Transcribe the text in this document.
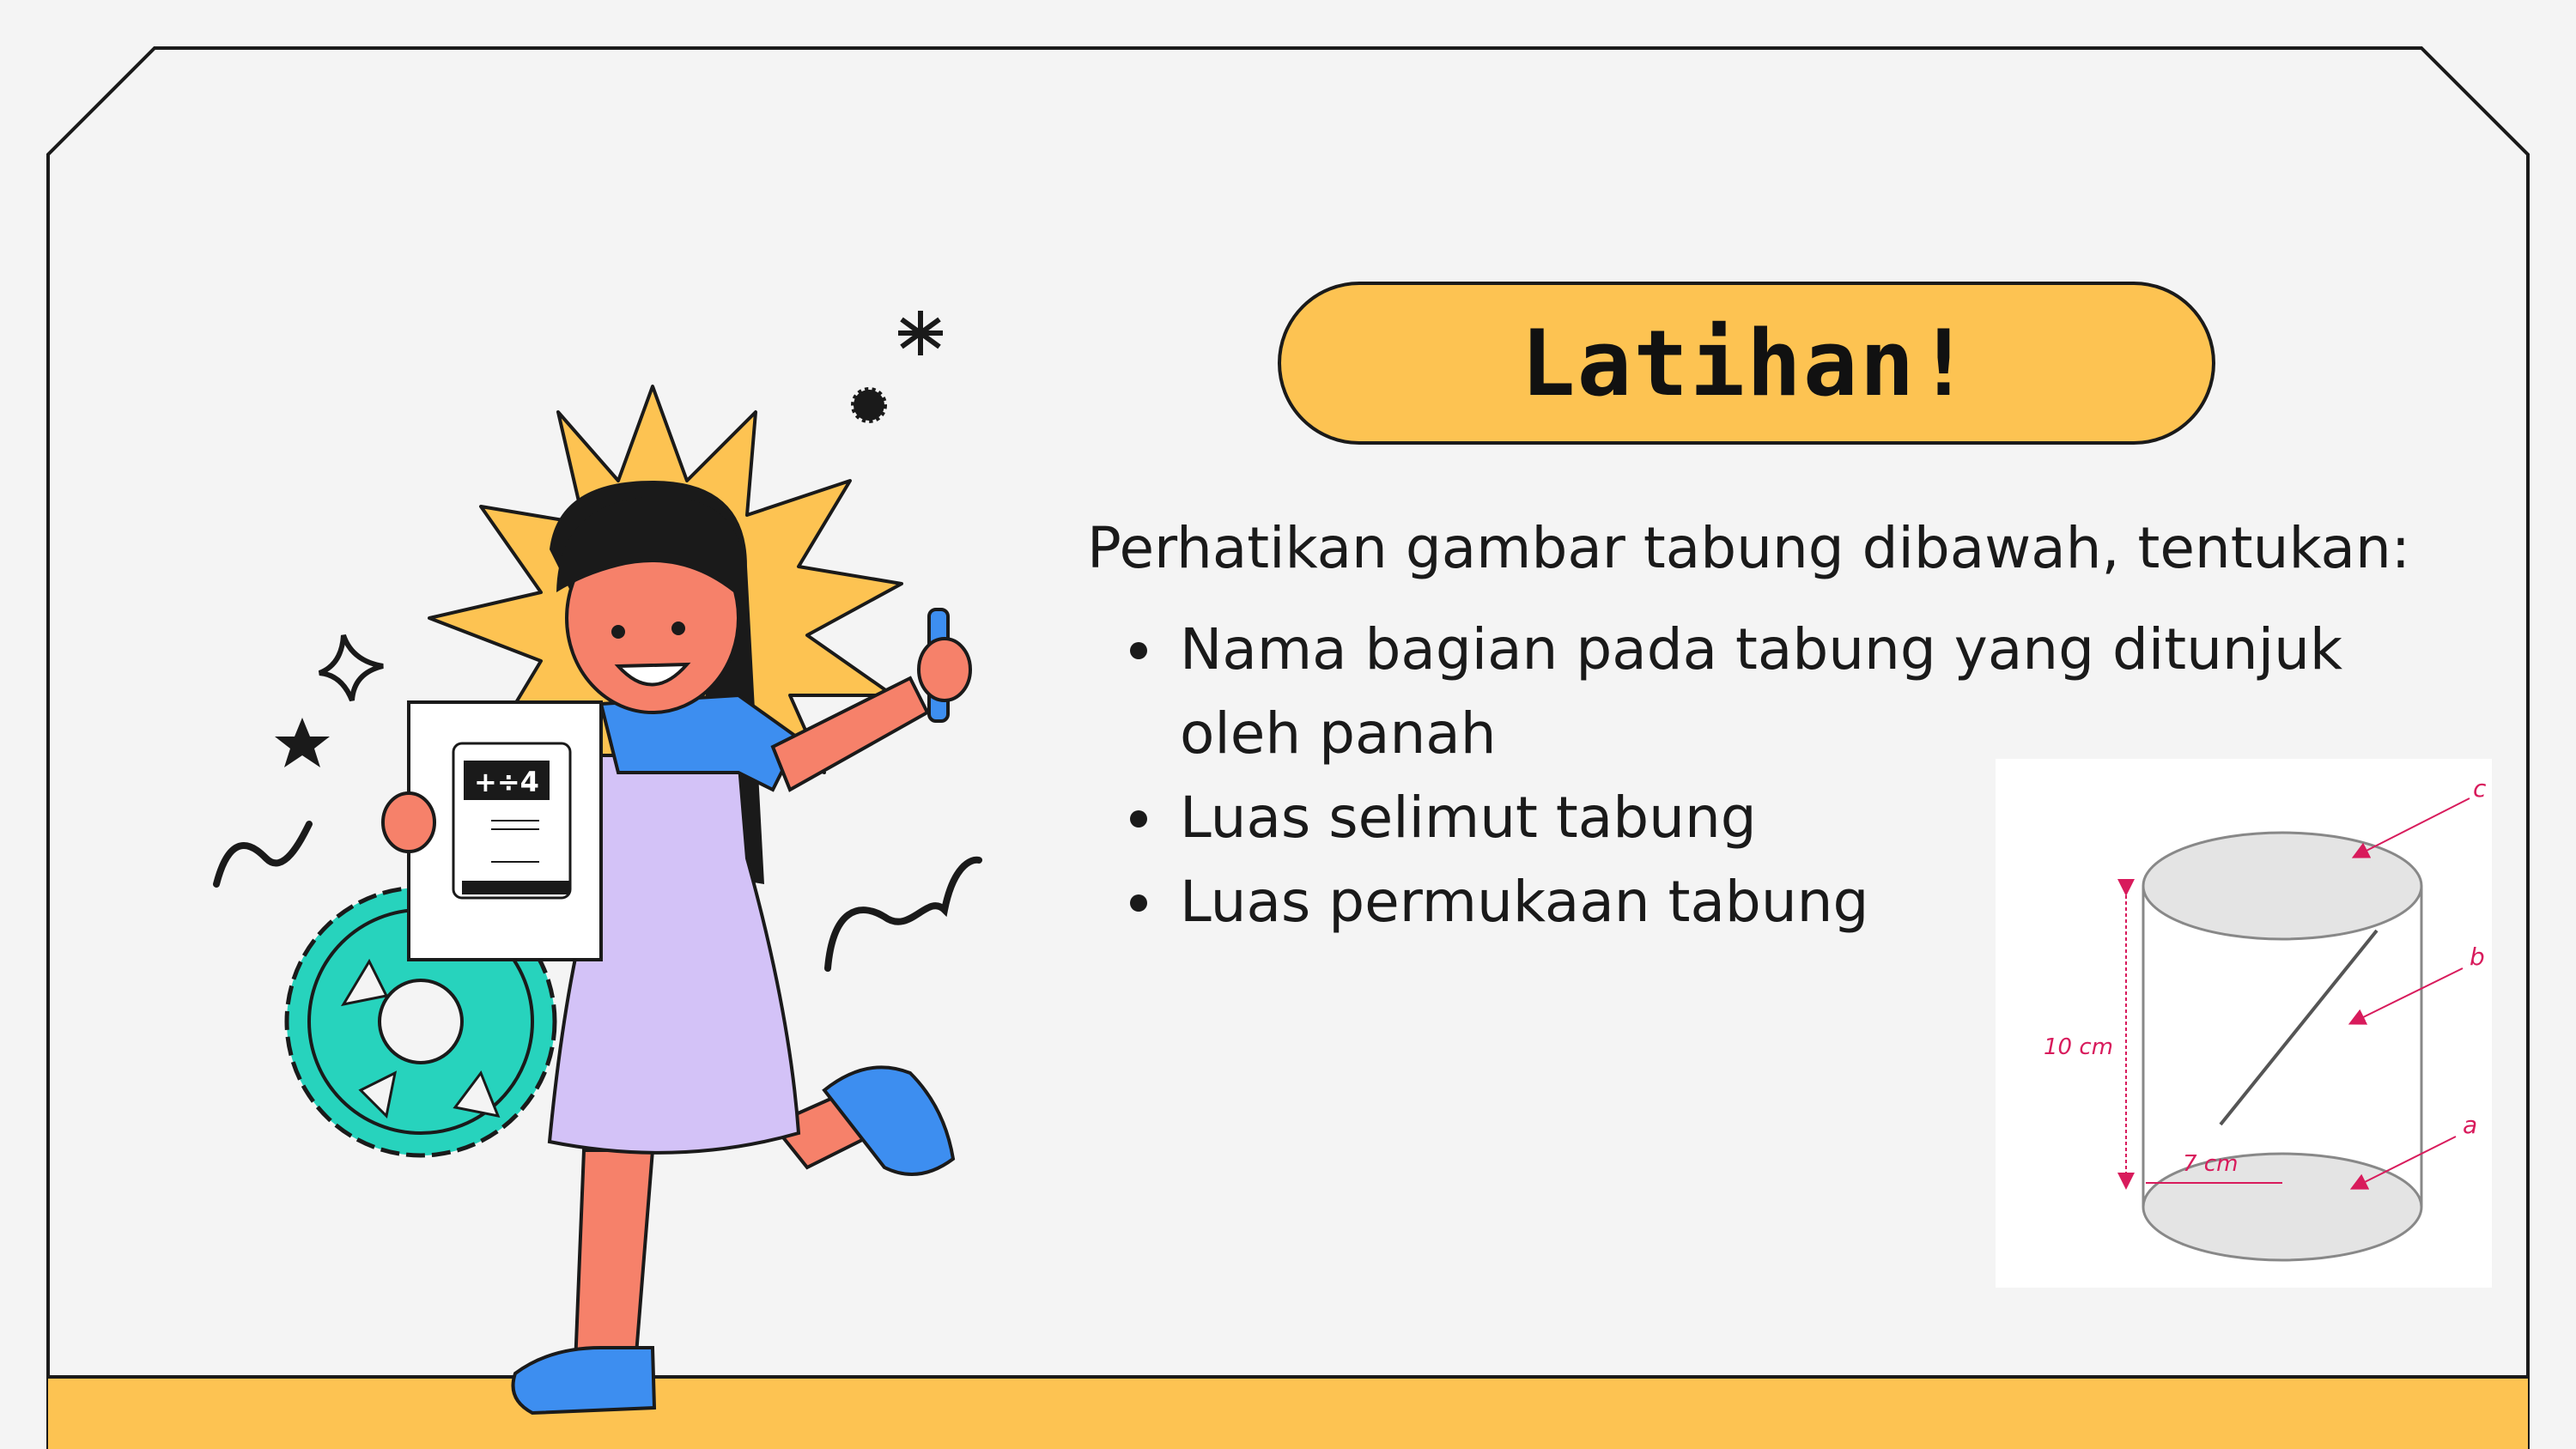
Latihan!
Perhatikan gambar tabung dibawah, tentukan:
Nama bagian pada tabung yang ditunjuk oleh panah
Luas selimut tabung
Luas permukaan tabung
c
b
a
10 cm
7 cm
+÷4
